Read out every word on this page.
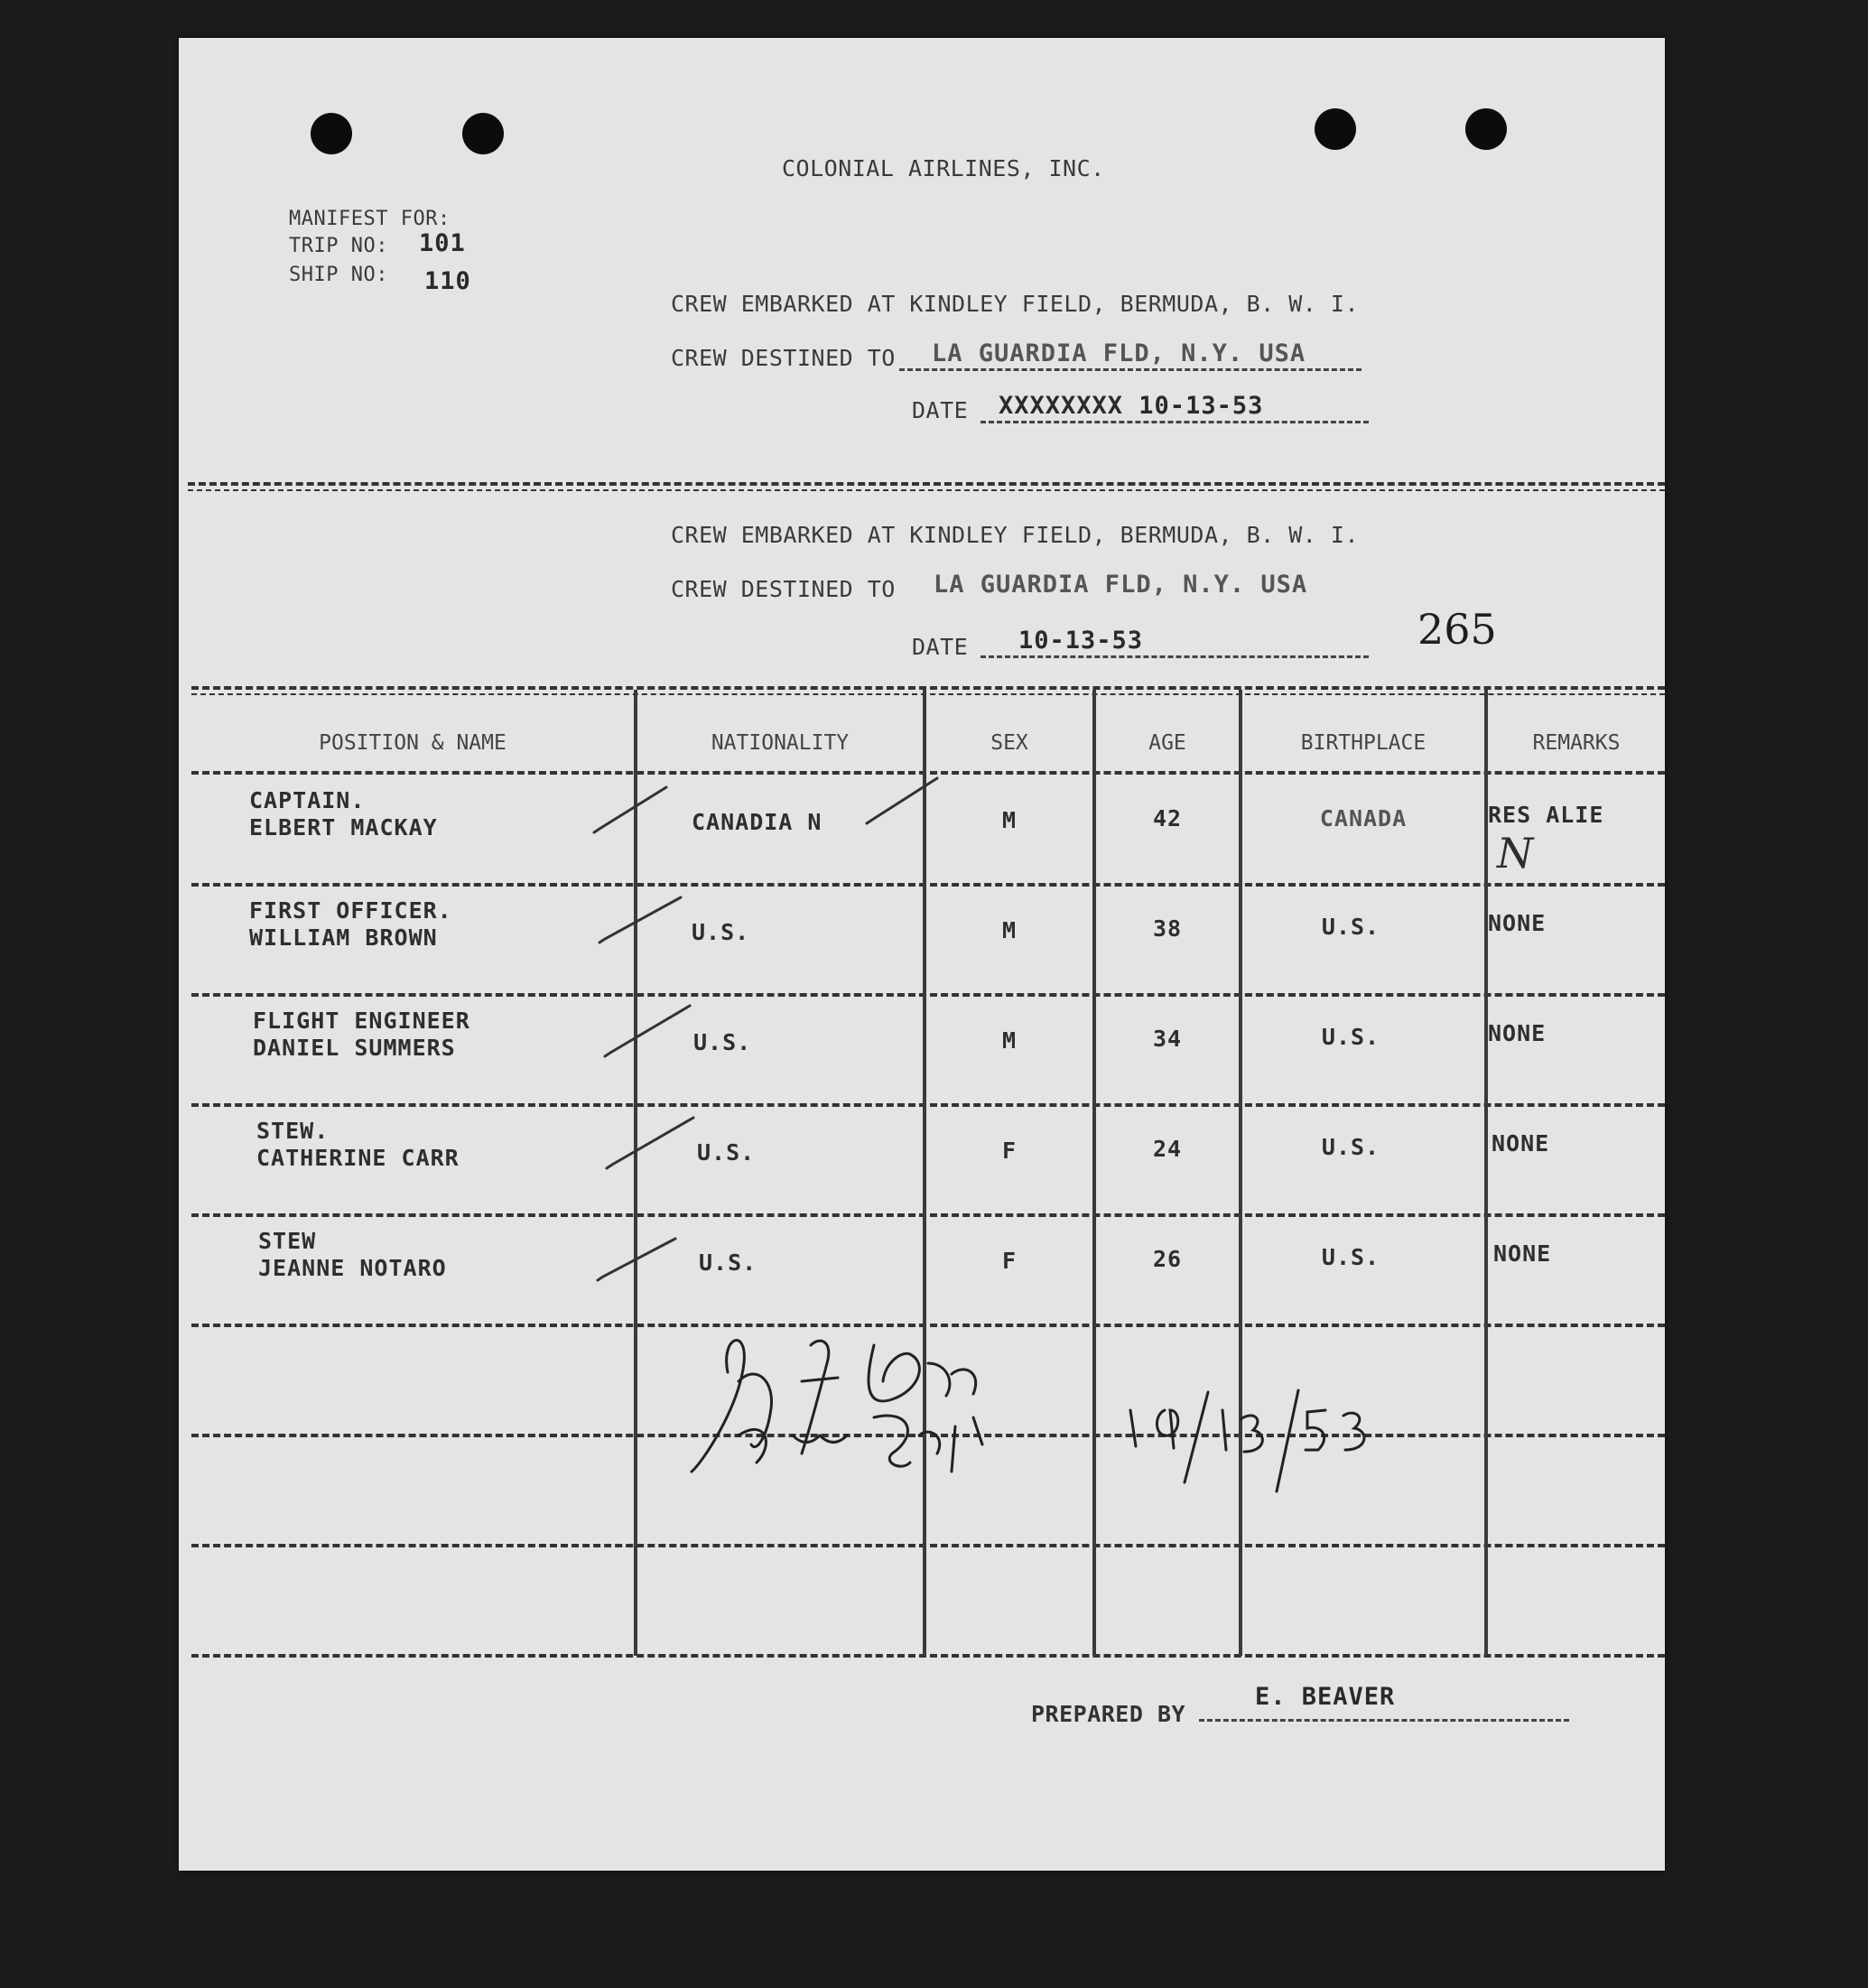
COLONIAL AIRLINES, INC.
MANIFEST FOR:
TRIP NO: 101
SHIP NO: 110
CREW EMBARKED AT KINDLEY FIELD, BERMUDA, B. W. I.
CREW DESTINED TO LA GUARDIA FLD, N.Y. USA
DATE XXXXXXXX 10-13-53
CREW EMBARKED AT KINDLEY FIELD, BERMUDA, B. W. I.
CREW DESTINED TO LA GUARDIA FLD, N.Y. USA
DATE 10-13-53	265
POSITION & NAME	NATIONALITY	SEX	AGE	BIRTHPLACE	REMARKS
CAPTAIN.
ELBERT MACKAY	CANADIA N	M	42	CANADA	RES ALIE
N
FIRST OFFICER.
WILLIAM BROWN	U.S.	M	38	U.S.	NONE
FLIGHT ENGINEER
DANIEL SUMMERS	U.S.	M	34	U.S.	NONE
STEW.
CATHERINE CARR	U.S.	F	24	U.S.	NONE
STEW
JEANNE NOTARO	U.S.	F	26	U.S.	NONE
PREPARED BY
E. BEAVER
